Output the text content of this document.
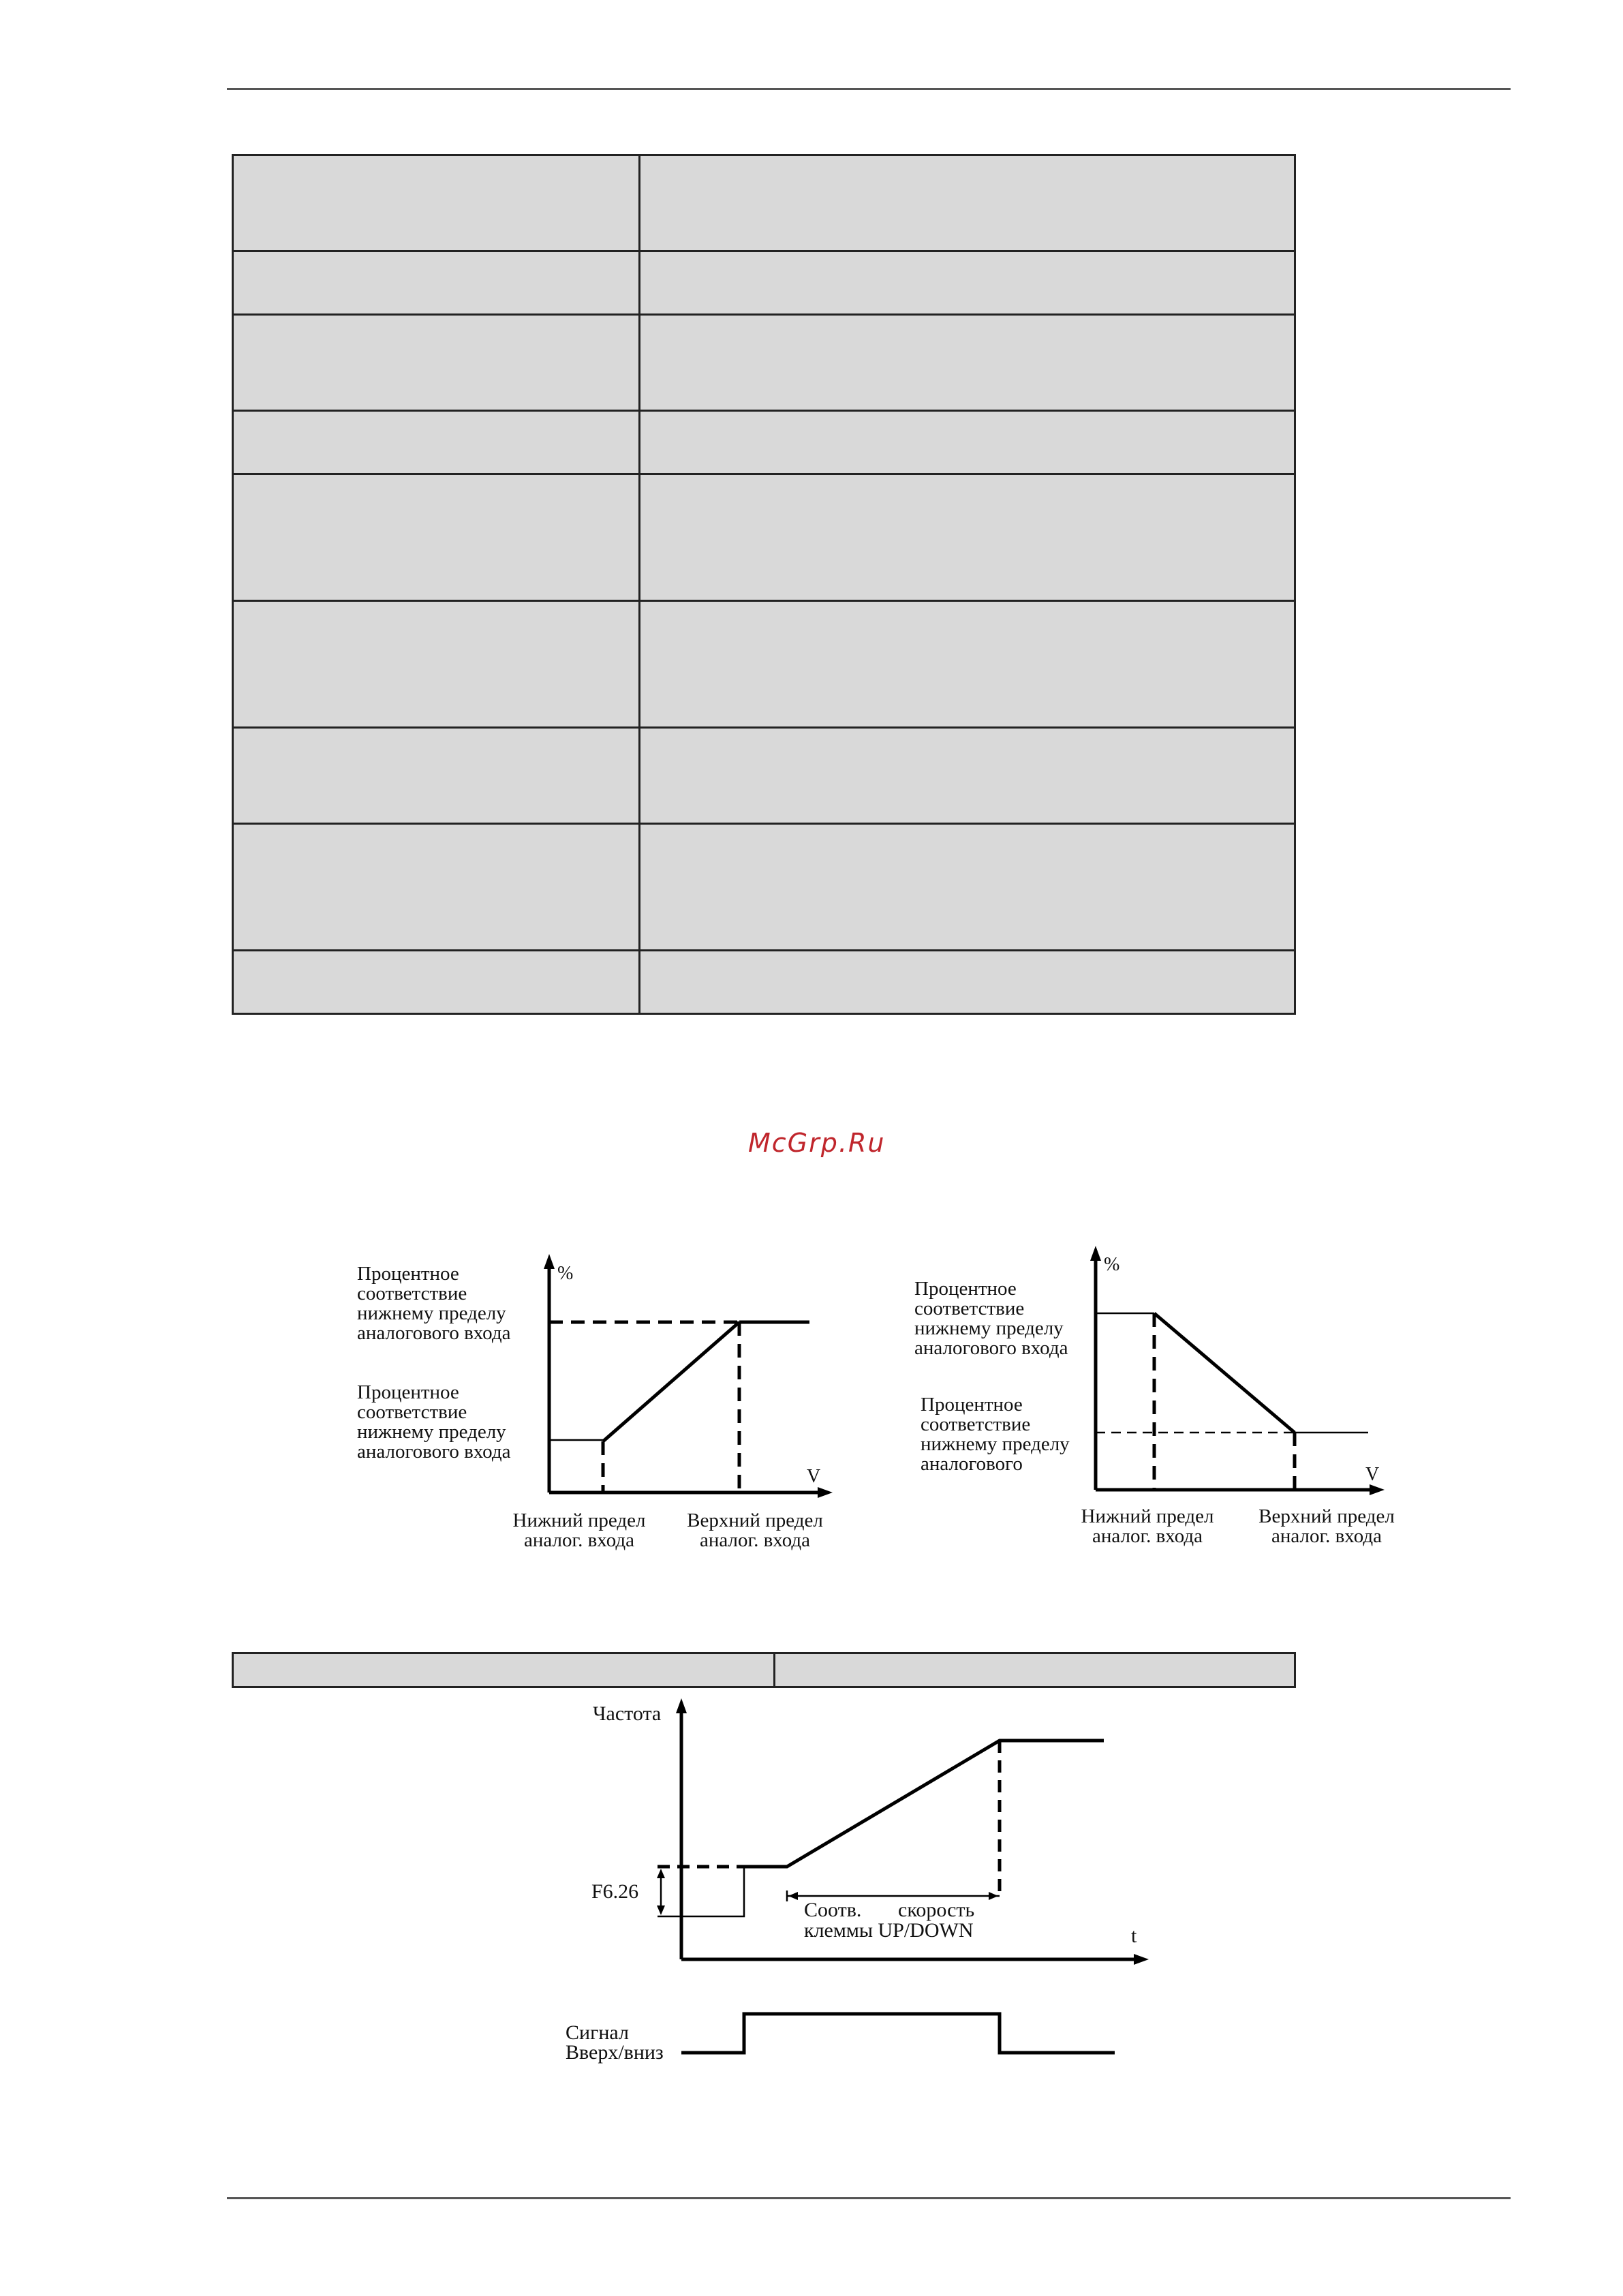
McGrp.Ru
%
V
Процентное
соответствие
нижнему пределу
аналогового входа
Процентное
соответствие
нижнему пределу
аналогового входа
Нижний предел
аналог. входа
Верхний предел
аналог. входа
%
V
Процентное
соответствие
нижнему пределу
аналогового входа
Процентное
соответствие
нижнему пределу
аналогового
Нижний предел
аналог. входа
Верхний предел
аналог. входа

Частота
t
F6.26
Соотв. скорость
клеммы UP/DOWN
Сигнал
Вверх/вниз
